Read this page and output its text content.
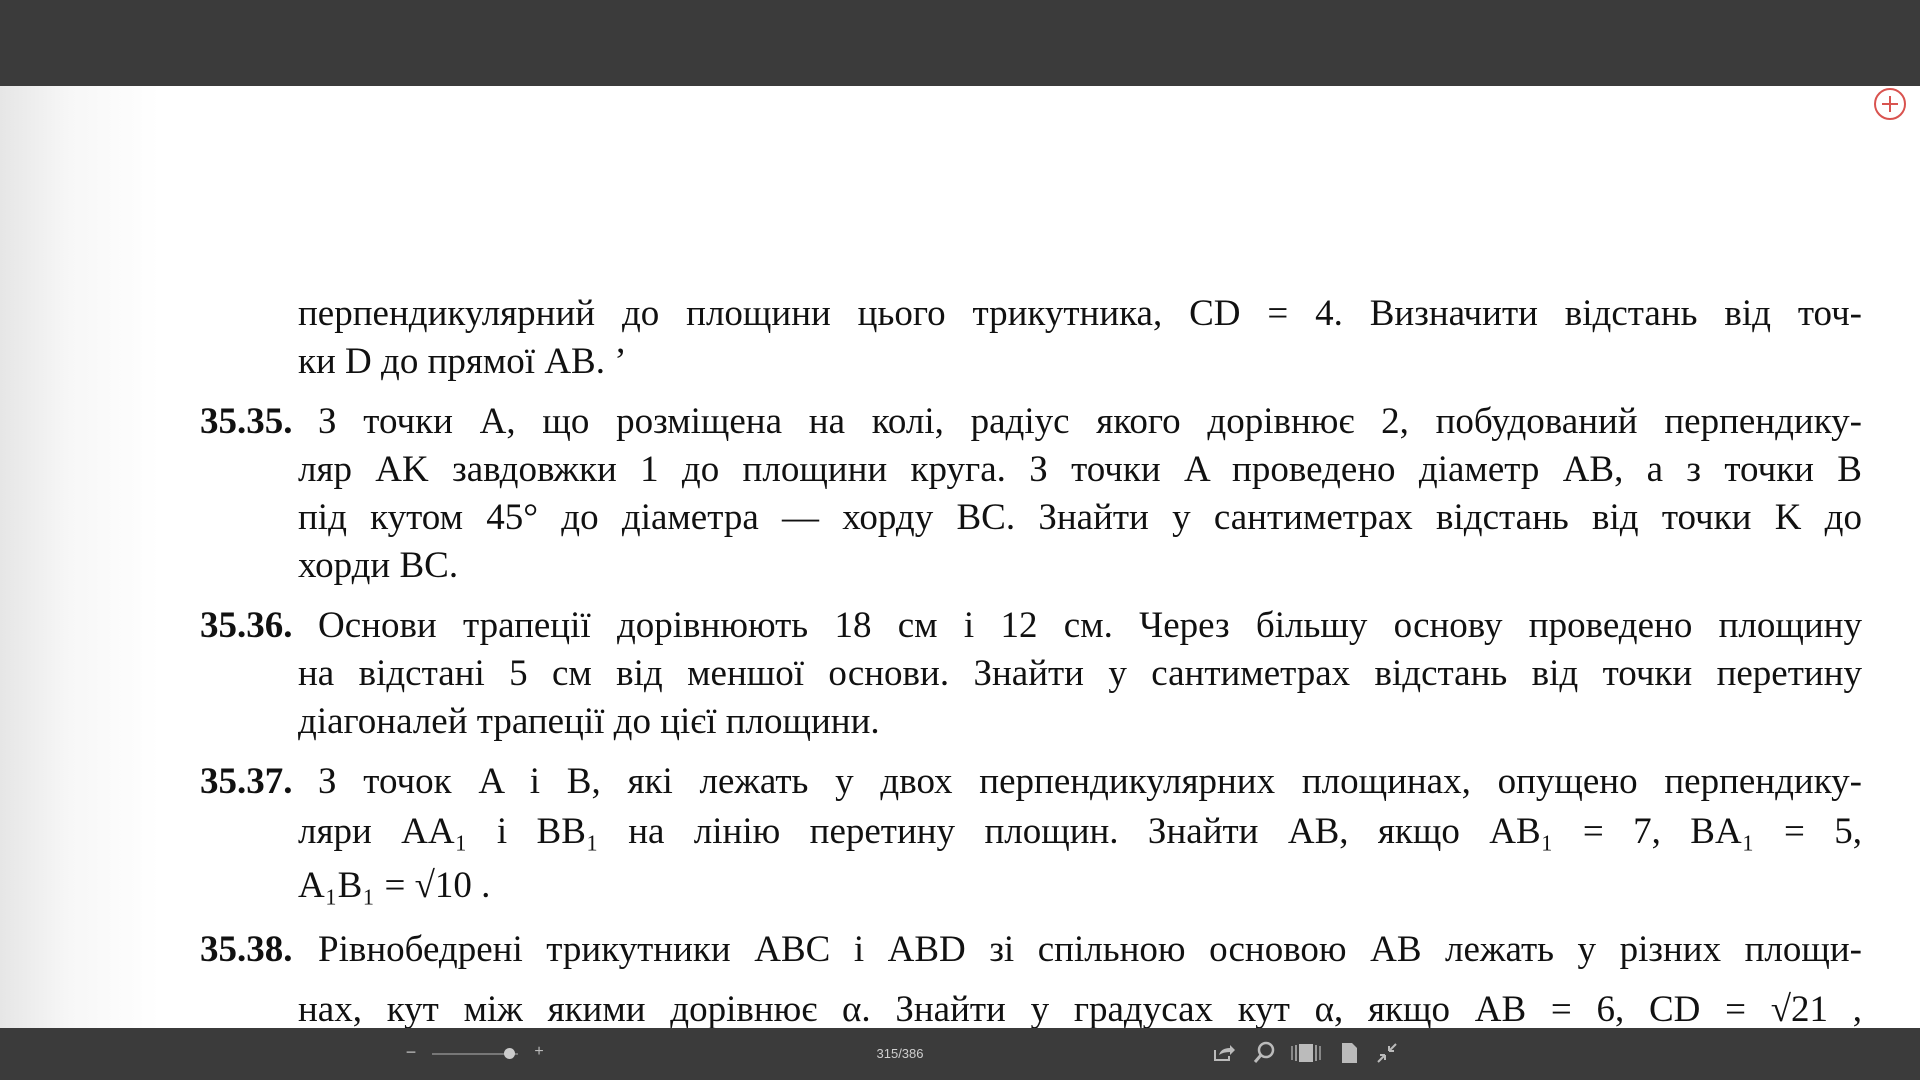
перпендикулярний до площини цього трикутника, CD = 4. Визначити відстань від точ-
ки D до прямої AB. ʼ
35.35. З точки A, що розміщена на колі, радіус якого дорівнює 2, побудований перпендику-
ляр AK завдовжки 1 до площини круга. З точки A проведено діаметр AB, а з точки B
під кутом 45° до діаметра — хорду BC. Знайти у сантиметрах відстань від точки K до
хорди BC.
35.36. Основи трапеції дорівнюють 18 см і 12 см. Через більшу основу проведено площину
на відстані 5 см від меншої основи. Знайти у сантиметрах відстань від точки перетину
діагоналей трапеції до цієї площини.
35.37. З точок A і B, які лежать у двох перпендикулярних площинах, опущено перпендику-
ляри AA₁ і BB₁ на лінію перетину площин. Знайти AB, якщо AB₁ = 7, BA₁ = 5,
A₁B₁ = √10 .
35.38. Рівнобедрені трикутники ABC і ABD зі спільною основою AB лежать у різних площи-
нах, кут між якими дорівнює α. Знайти у градусах кут α, якщо AB = 6, CD = √21 ,
−	+	315/386
